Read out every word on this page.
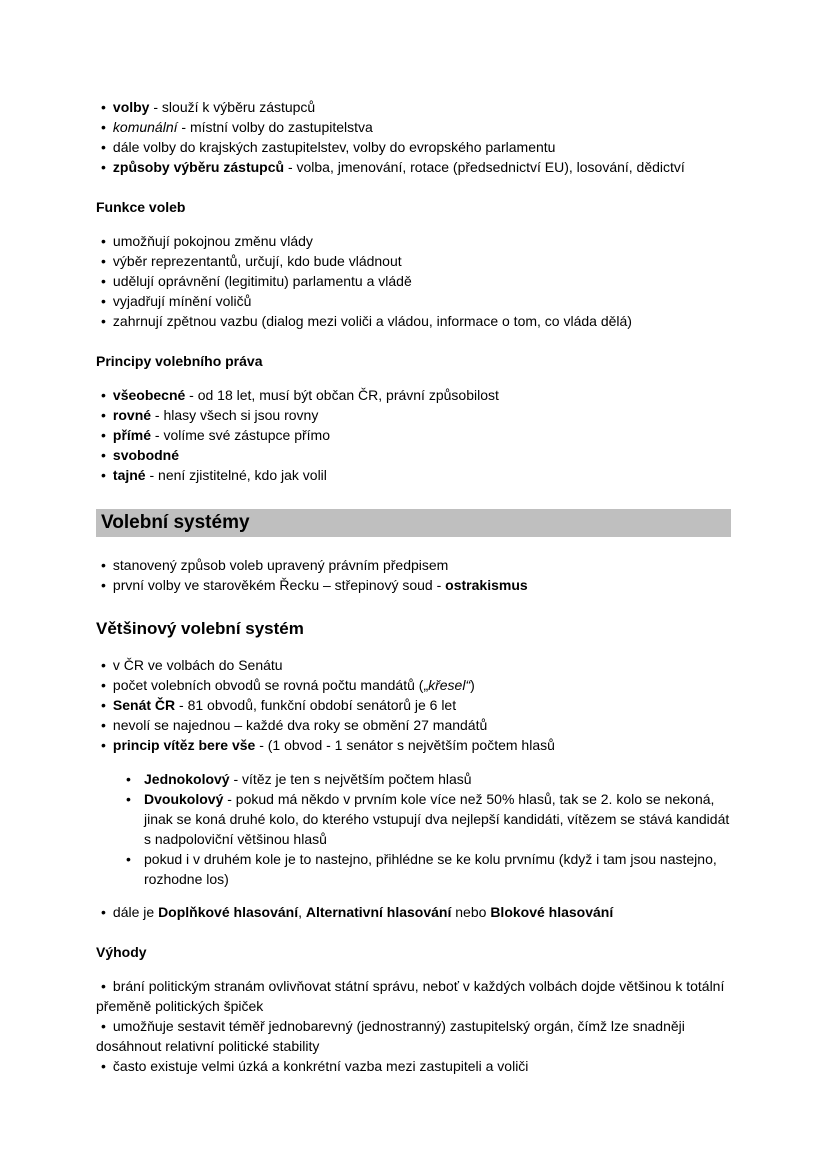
• volby - slouží k výběru zástupců
• komunální - místní volby do zastupitelstva
• dále volby do krajských zastupitelstev, volby do evropského parlamentu
• způsoby výběru zástupců - volba, jmenování, rotace (předsednictví EU), losování, dědictví
Funkce voleb
• umožňují pokojnou změnu vlády
• výběr reprezentantů, určují, kdo bude vládnout
• udělují oprávnění (legitimitu) parlamentu a vládě
• vyjadřují mínění voličů
• zahrnují zpětnou vazbu (dialog mezi voliči a vládou, informace o tom, co vláda dělá)
Principy volebního práva
• všeobecné - od 18 let, musí být občan ČR, právní způsobilost
• rovné - hlasy všech si jsou rovny
• přímé - volíme své zástupce přímo
• svobodné
• tajné - není zjistitelné, kdo jak volil
Volební systémy
• stanovený způsob voleb upravený právním předpisem
• první volby ve starověkém Řecku – střepinový soud - ostrakismus
Většinový volební systém
• v ČR ve volbách do Senátu
• počet volebních obvodů se rovná počtu mandátů („křesel“)
• Senát ČR - 81 obvodů, funkční období senátorů je 6 let
• nevolí se najednou – každé dva roky se obmění 27 mandátů
• princip vítěz bere vše - (1 obvod - 1 senátor s největším počtem hlasů
• Jednokolový - vítěz je ten s největším počtem hlasů
• Dvoukolový - pokud má někdo v prvním kole více než 50% hlasů, tak se 2. kolo se nekoná, jinak se koná druhé kolo, do kterého vstupují dva nejlepší kandidáti, vítězem se stává kandidát s nadpoloviční většinou hlasů
• pokud i v druhém kole je to nastejno, přihlédne se ke kolu prvnímu (když i tam jsou nastejno, rozhodne los)
• dále je Doplňkové hlasování, Alternativní hlasování nebo Blokové hlasování
Výhody
• brání politickým stranám ovlivňovat státní správu, neboť v každých volbách dojde většinou k totální přeměně politických špiček
• umožňuje sestavit téměř jednobarevný (jednostranný) zastupitelský orgán, čímž lze snadněji dosáhnout relativní politické stability
• často existuje velmi úzká a konkrétní vazba mezi zastupiteli a voliči
